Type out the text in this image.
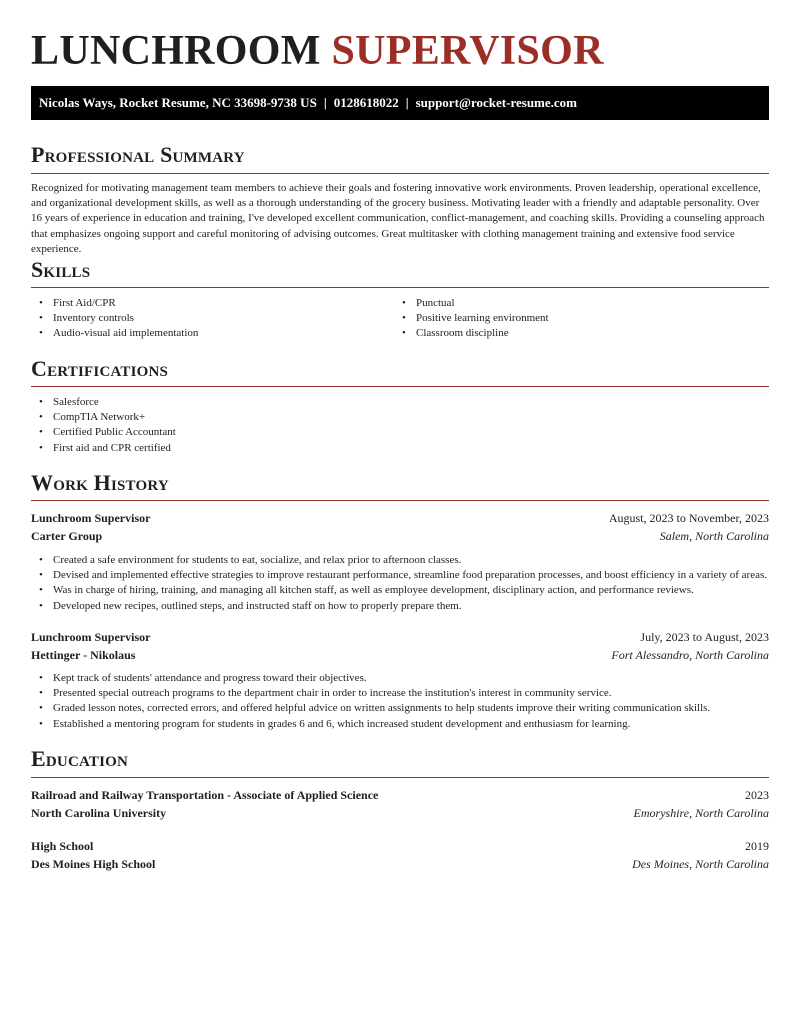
LUNCHROOM SUPERVISOR
Nicolas Ways, Rocket Resume, NC 33698-9738 US | 0128618022 | support@rocket-resume.com
Professional Summary

Recognized for motivating management team members to achieve their goals and fostering innovative work environments. Proven leadership, operational excellence, and organizational development skills, as well as a thorough understanding of the grocery business. Motivating leader with a friendly and adaptable personality. Over 16 years of experience in education and training, I've developed excellent communication, conflict-management, and coaching skills. Providing a counseling approach that emphasizes ongoing support and careful monitoring of advising outcomes. Great multitasker with clothing management training and extensive food service experience.

Skills
• First Aid/CPR
• Inventory controls
• Audio-visual aid implementation
• Punctual
• Positive learning environment
• Classroom discipline
Certifications
• Salesforce
• CompTIA Network+
• Certified Public Accountant
• First aid and CPR certified
Work History
Lunchroom Supervisor	August, 2023 to November, 2023
Carter Group	Salem, North Carolina
• Created a safe environment for students to eat, socialize, and relax prior to afternoon classes.
• Devised and implemented effective strategies to improve restaurant performance, streamline food preparation processes, and boost efficiency in a variety of areas.
• Was in charge of hiring, training, and managing all kitchen staff, as well as employee development, disciplinary action, and performance reviews.
• Developed new recipes, outlined steps, and instructed staff on how to properly prepare them.
Lunchroom Supervisor	July, 2023 to August, 2023
Hettinger - Nikolaus	Fort Alessandro, North Carolina
• Kept track of students' attendance and progress toward their objectives.
• Presented special outreach programs to the department chair in order to increase the institution's interest in community service.
• Graded lesson notes, corrected errors, and offered helpful advice on written assignments to help students improve their writing communication skills.
• Established a mentoring program for students in grades 6 and 6, which increased student development and enthusiasm for learning.
Education
Railroad and Railway Transportation - Associate of Applied Science	2023
North Carolina University	Emoryshire, North Carolina
High School	2019
Des Moines High School	Des Moines, North Carolina
